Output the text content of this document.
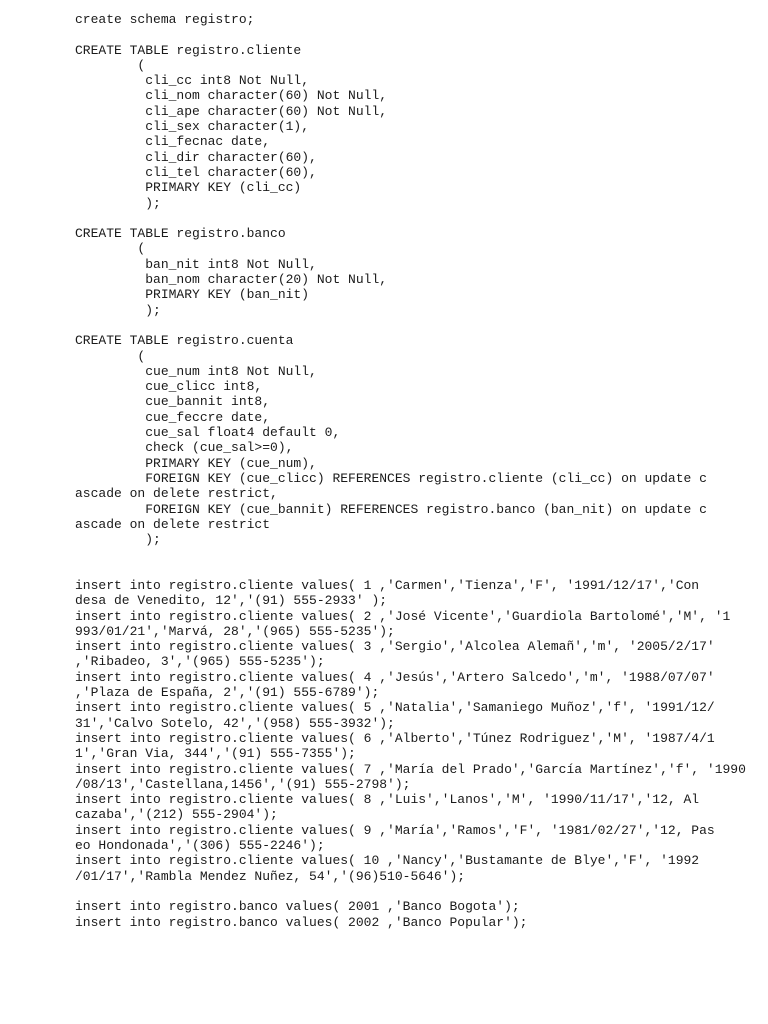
create schema registro;
CREATE TABLE registro.cliente
(
cli_cc int8 Not Null,
cli_nom character(60) Not Null,
cli_ape character(60) Not Null,
cli_sex character(1),
cli_fecnac date,
cli_dir character(60),
cli_tel character(60),
PRIMARY KEY (cli_cc)
);
CREATE TABLE registro.banco
(
ban_nit int8 Not Null,
ban_nom character(20) Not Null,
PRIMARY KEY (ban_nit)
);
CREATE TABLE registro.cuenta
(
cue_num int8 Not Null,
cue_clicc int8,
cue_bannit int8,
cue_feccre date,
cue_sal float4 default 0,
check (cue_sal>=0),
PRIMARY KEY (cue_num),
FOREIGN KEY (cue_clicc) REFERENCES registro.cliente (cli_cc) on update c
ascade on delete restrict,
FOREIGN KEY (cue_bannit) REFERENCES registro.banco (ban_nit) on update c
ascade on delete restrict
);
insert into registro.cliente values( 1 ,'Carmen','Tienza','F', '1991/12/17','Con
desa de Venedito, 12','(91) 555-2933' );
insert into registro.cliente values( 2 ,'José Vicente','Guardiola Bartolomé','M', '1
993/01/21','Marvá, 28','(965) 555-5235');
insert into registro.cliente values( 3 ,'Sergio','Alcolea Alemañ','m', '2005/2/17'
,'Ribadeo, 3','(965) 555-5235');
insert into registro.cliente values( 4 ,'Jesús','Artero Salcedo','m', '1988/07/07'
,'Plaza de España, 2','(91) 555-6789');
insert into registro.cliente values( 5 ,'Natalia','Samaniego Muñoz','f', '1991/12/
31','Calvo Sotelo, 42','(958) 555-3932');
insert into registro.cliente values( 6 ,'Alberto','Túnez Rodriguez','M', '1987/4/1
1','Gran Via, 344','(91) 555-7355');
insert into registro.cliente values( 7 ,'María del Prado','García Martínez','f', '1990
/08/13','Castellana,1456','(91) 555-2798');
insert into registro.cliente values( 8 ,'Luis','Lanos','M', '1990/11/17','12, Al
cazaba','(212) 555-2904');
insert into registro.cliente values( 9 ,'María','Ramos','F', '1981/02/27','12, Pas
eo Hondonada','(306) 555-2246');
insert into registro.cliente values( 10 ,'Nancy','Bustamante de Blye','F', '1992
/01/17','Rambla Mendez Nuñez, 54','(96)510-5646');
insert into registro.banco values( 2001 ,'Banco Bogota');
insert into registro.banco values( 2002 ,'Banco Popular');
